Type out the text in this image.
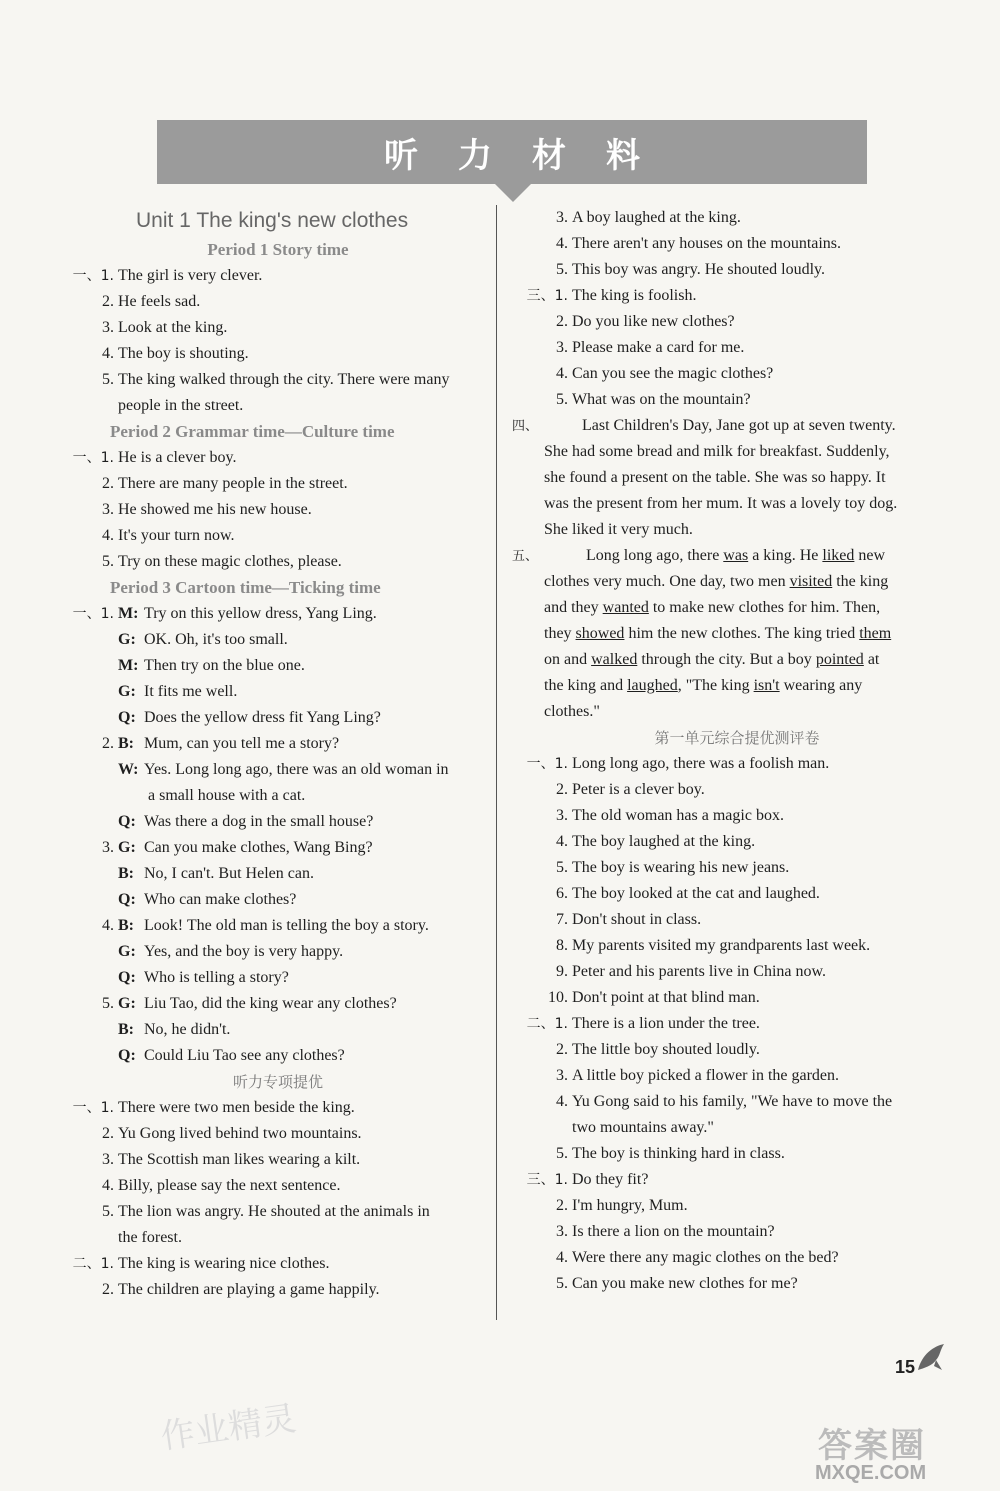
听力材料
Unit 1 The king's new clothes
Period 1 Story time
一、1. The girl is very clever.
2. He feels sad.
3. Look at the king.
4. The boy is shouting.
5. The king walked through the city. There were many
people in the street.
Period 2 Grammar time—Culture time
一、1. He is a clever boy.
2. There are many people in the street.
3. He showed me his new house.
4. It's your turn now.
5. Try on these magic clothes, please.
Period 3 Cartoon time—Ticking time
一、1. M: Try on this yellow dress, Yang Ling.
G: OK. Oh, it's too small.
M: Then try on the blue one.
G: It fits me well.
Q: Does the yellow dress fit Yang Ling?
2. B: Mum, can you tell me a story?
W: Yes. Long long ago, there was an old woman in
a small house with a cat.
Q: Was there a dog in the small house?
3. G: Can you make clothes, Wang Bing?
B: No, I can't. But Helen can.
Q: Who can make clothes?
4. B: Look! The old man is telling the boy a story.
G: Yes, and the boy is very happy.
Q: Who is telling a story?
5. G: Liu Tao, did the king wear any clothes?
B: No, he didn't.
Q: Could Liu Tao see any clothes?
听力专项提优
一、1. There were two men beside the king.
2. Yu Gong lived behind two mountains.
3. The Scottish man likes wearing a kilt.
4. Billy, please say the next sentence.
5. The lion was angry. He shouted at the animals in
the forest.
二、1. The king is wearing nice clothes.
2. The children are playing a game happily.
3. A boy laughed at the king.
4. There aren't any houses on the mountains.
5. This boy was angry. He shouted loudly.
三、1. The king is foolish.
2. Do you like new clothes?
3. Please make a card for me.
4. Can you see the magic clothes?
5. What was on the mountain?
四、	Last Children's Day, Jane got up at seven twenty.
She had some bread and milk for breakfast. Suddenly,
she found a present on the table. She was so happy. It
was the present from her mum. It was a lovely toy dog.
She liked it very much.
五、	Long long ago, there was a king. He liked new
clothes very much. One day, two men visited the king
and they wanted to make new clothes for him. Then,
they showed him the new clothes. The king tried them
on and walked through the city. But a boy pointed at
the king and laughed, "The king isn't wearing any
clothes."
第一单元综合提优测评卷
一、1. Long long ago, there was a foolish man.
2. Peter is a clever boy.
3. The old woman has a magic box.
4. The boy laughed at the king.
5. The boy is wearing his new jeans.
6. The boy looked at the cat and laughed.
7. Don't shout in class.
8. My parents visited my grandparents last week.
9. Peter and his parents live in China now.
10. Don't point at that blind man.
二、1. There is a lion under the tree.
2. The little boy shouted loudly.
3. A little boy picked a flower in the garden.
4. Yu Gong said to his family, "We have to move the
two mountains away."
5. The boy is thinking hard in class.
三、1. Do they fit?
2. I'm hungry, Mum.
3. Is there a lion on the mountain?
4. Were there any magic clothes on the bed?
5. Can you make new clothes for me?
15
作业精灵	答案圈
MXQE.COM
